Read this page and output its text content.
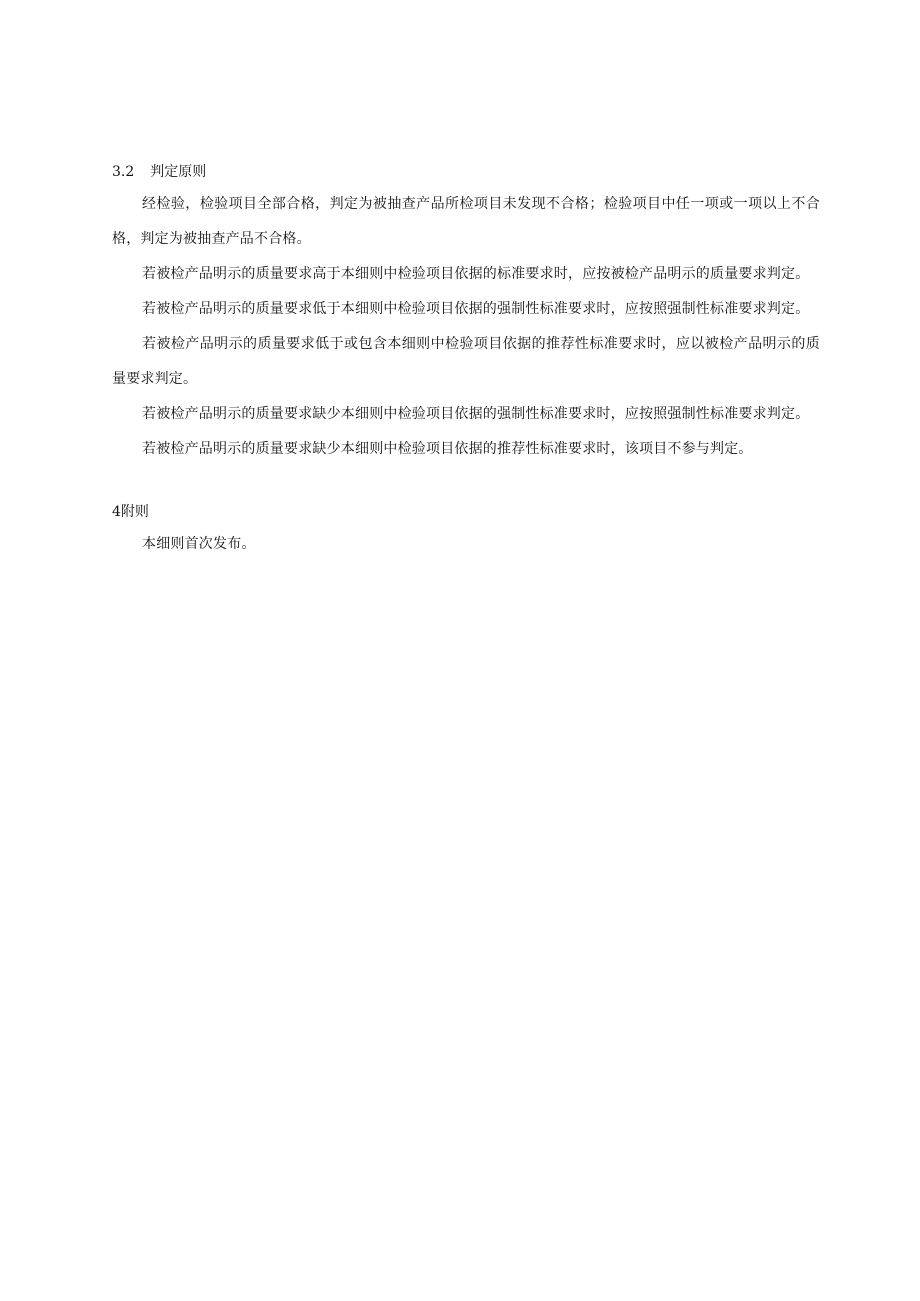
3.2 判定原则

经检验，检验项目全部合格，判定为被抽查产品所检项目未发现不合格；检验项目中任一项或一项以上不合格，判定为被抽查产品不合格。

若被检产品明示的质量要求高于本细则中检验项目依据的标准要求时，应按被检产品明示的质量要求判定。

若被检产品明示的质量要求低于本细则中检验项目依据的强制性标准要求时，应按照强制性标准要求判定。

若被检产品明示的质量要求低于或包含本细则中检验项目依据的推荐性标准要求时，应以被检产品明示的质量要求判定。

若被检产品明示的质量要求缺少本细则中检验项目依据的强制性标准要求时，应按照强制性标准要求判定。

若被检产品明示的质量要求缺少本细则中检验项目依据的推荐性标准要求时，该项目不参与判定。

4附则

本细则首次发布。
